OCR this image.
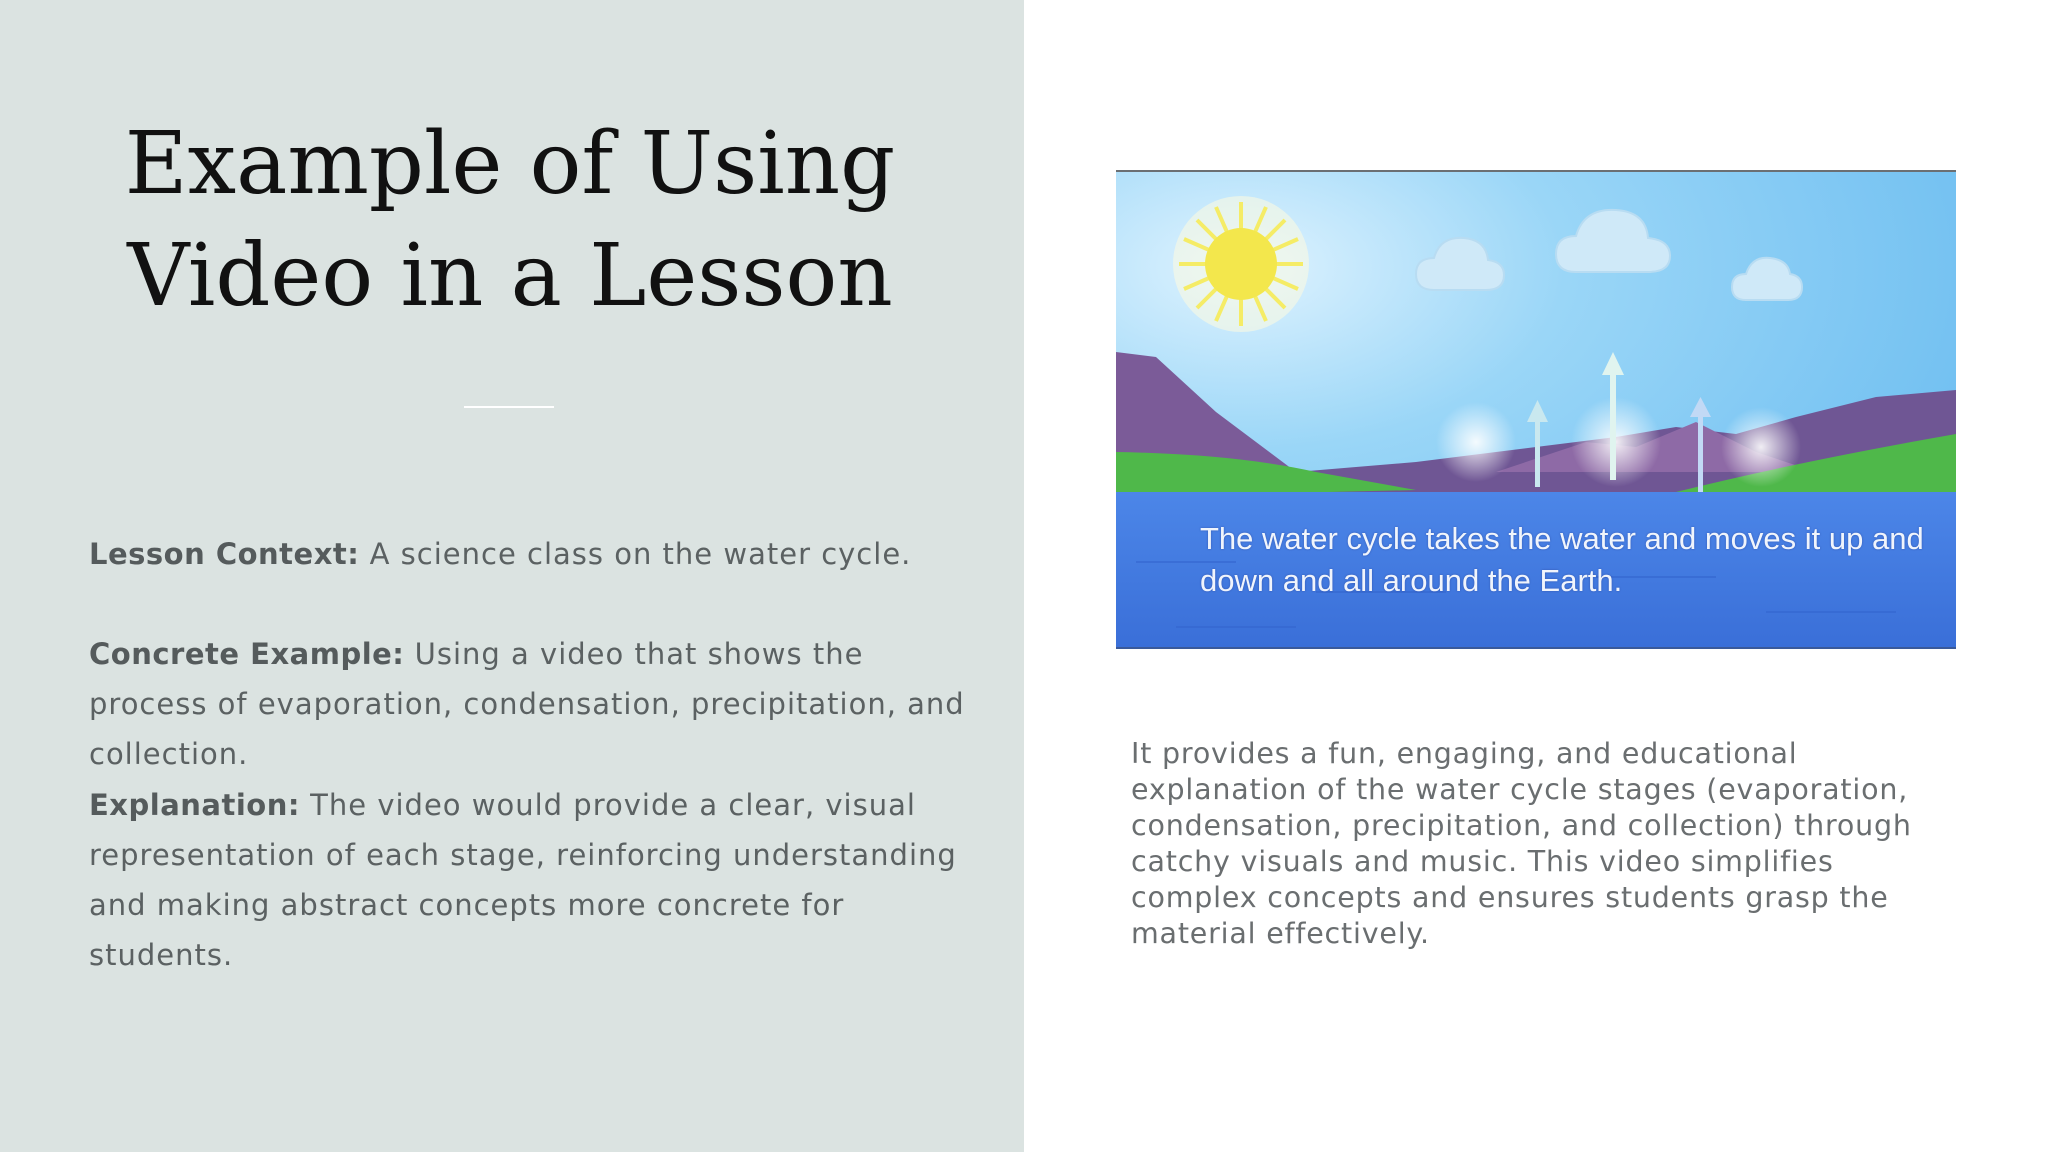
Example of Using
Video in a Lesson

Lesson Context: A science class on the water cycle.

Concrete Example: Using a video that shows the process of evaporation, condensation, precipitation, and collection.

Explanation: The video would provide a clear, visual representation of each stage, reinforcing understanding and making abstract concepts more concrete for students.

The water cycle takes the water and moves it up and down and all around the Earth.

It provides a fun, engaging, and educational explanation of the water cycle stages (evaporation, condensation, precipitation, and collection) through catchy visuals and music. This video simplifies complex concepts and ensures students grasp the material effectively.
